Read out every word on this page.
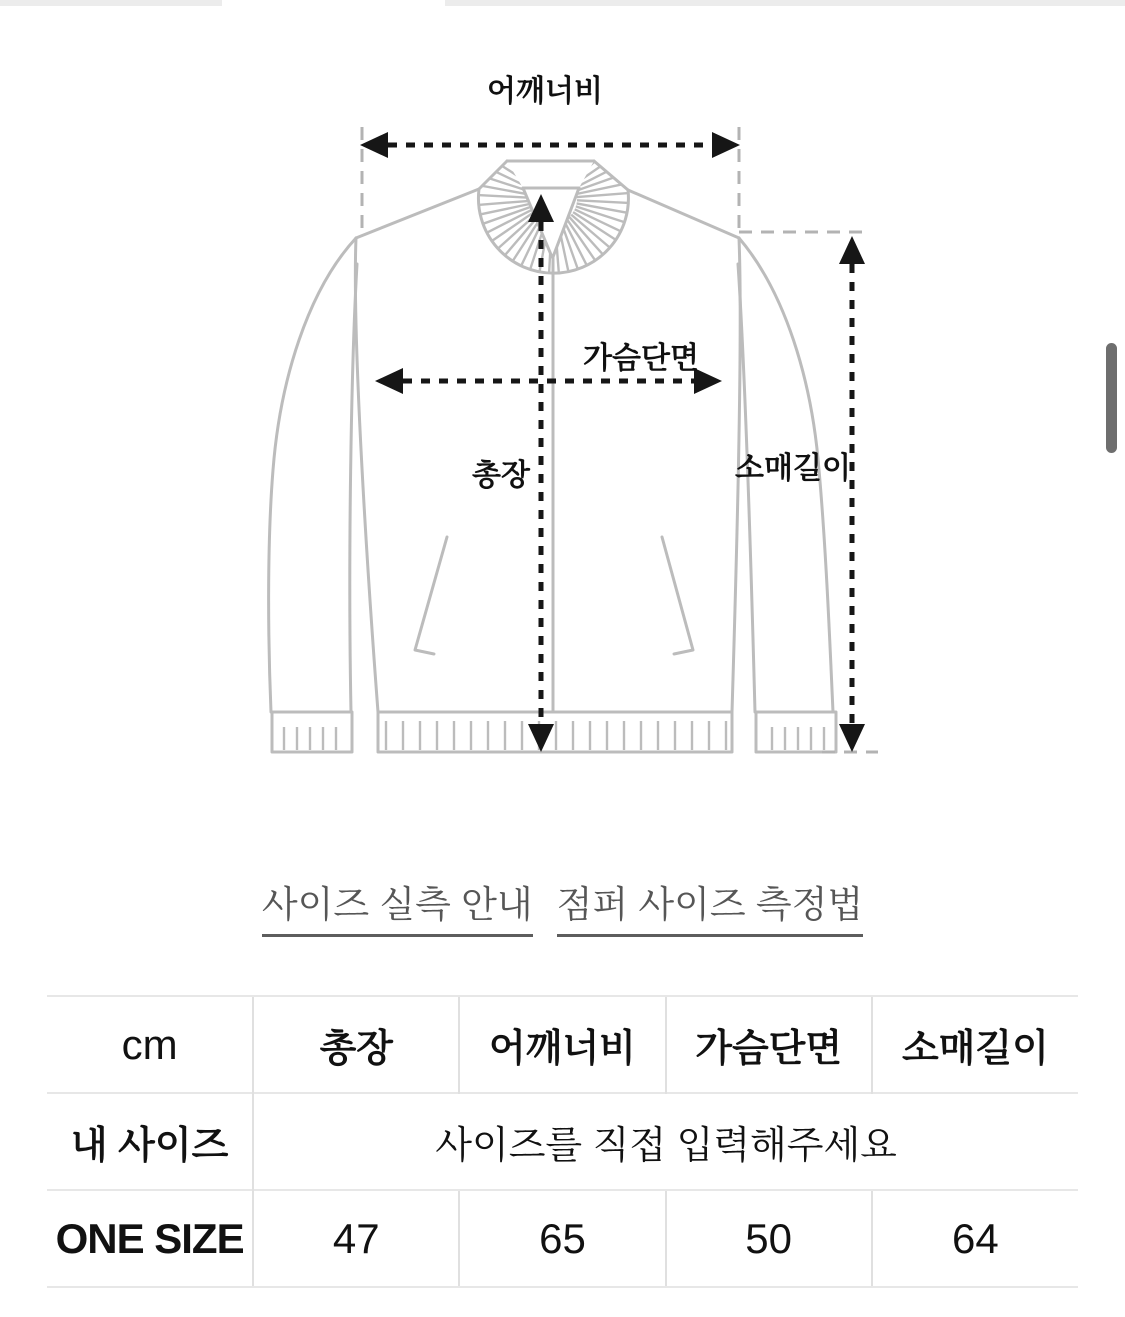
어깨너비
가슴단면
총장	소매길이
사이즈 실측 안내 점퍼 사이즈 측정법
cm	총장	어깨너비	가슴단면	소매길이
내 사이즈	사이즈를 직접 입력해주세요			
ONE SIZE	47	65	50	64
